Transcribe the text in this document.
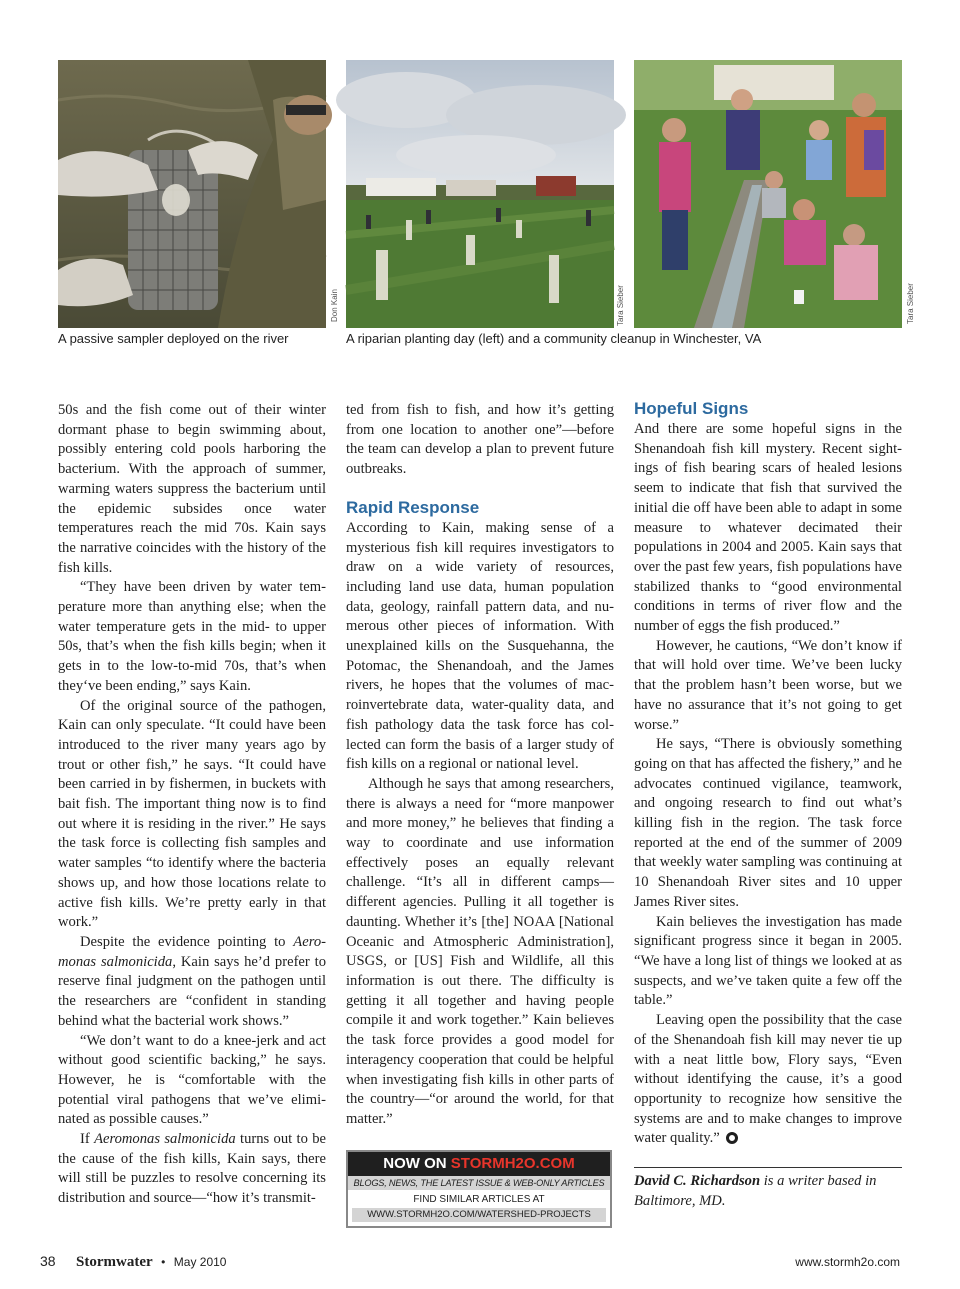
Don Kain	Tara Sieber	Tara Sieber
A passive sampler deployed on the river	A riparian planting day (left) and a community cleanup in Winchester, VA

50s and the fish come out of their winter dormant phase to begin swimming about, possibly entering cold pools harboring the bacterium. With the approach of summer, warming waters suppress the bacterium until the epidemic subsides once water temperatures reach the mid 70s. Kain says the narrative coincides with the history of the fish kills.

“They have been driven by water temperature more than anything else; when the water temperature gets in the mid- to upper 50s, that’s when the fish kills begin; when it gets in to the low-to-mid 70s, that’s when they‘ve been ending,” says Kain.

Of the original source of the pathogen, Kain can only speculate. “It could have been introduced to the river many years ago by trout or other fish,” he says. “It could have been carried in by fishermen, in buckets with bait fish. The important thing now is to find out where it is residing in the river.” He says the task force is collecting fish samples and water samples “to identify where the bacteria shows up, and how those locations relate to active fish kills. We’re pretty early in that work.”

Despite the evidence pointing to Aeromonas salmonicida, Kain says he’d prefer to reserve final judgment on the pathogen until the researchers are “confident in standing behind what the bacterial work shows.”

“We don’t want to do a knee-jerk and act without good scientific backing,” he says. However, he is “comfortable with the potential viral pathogens that we’ve eliminated as possible causes.”

If Aeromonas salmonicida turns out to be the cause of the fish kills, Kain says, there will still be puzzles to resolve concerning its distribution and source—“how it’s transmit-

ted from fish to fish, and how it’s getting from one location to another one”—before the team can develop a plan to prevent future outbreaks.

Rapid Response

According to Kain, making sense of a mysterious fish kill requires investigators to draw on a wide variety of resources, including land use data, human population data, geology, rainfall pattern data, and numerous other pieces of information. With unexplained kills on the Susquehanna, the Potomac, the Shenandoah, and the James rivers, he hopes that the volumes of macroinvertebrate data, water-quality data, and fish pathology data the task force has collected can form the basis of a larger study of fish kills on a regional or national level.

Although he says that among researchers, there is always a need for “more manpower and more money,” he believes that finding a way to coordinate and use information effectively poses an equally relevant challenge. “It’s all in different camps—different agencies. Pulling it all together is daunting. Whether it’s [the] NOAA [National Oceanic and Atmospheric Administration], USGS, or [US] Fish and Wildlife, all this information is out there. The difficulty is getting it all together and having people compile it and work together.” Kain believes the task force provides a good model for interagency cooperation that could be helpful when investigating fish kills in other parts of the country—“or around the world, for that matter.”

NOW ON STORMH2O.COM
BLOGS, NEWS, THE LATEST ISSUE & WEB-ONLY ARTICLES
FIND SIMILAR ARTICLES AT
WWW.STORMH2O.COM/WATERSHED-PROJECTS
Hopeful Signs

And there are some hopeful signs in the Shenandoah fish kill mystery. Recent sightings of fish bearing scars of healed lesions seem to indicate that fish that survived the initial die off have been able to adapt in some measure to whatever decimated their populations in 2004 and 2005. Kain says that over the past few years, fish populations have stabilized thanks to “good environmental conditions in terms of river flow and the number of eggs the fish produced.”

However, he cautions, “We don’t know if that will hold over time. We’ve been lucky that the problem hasn’t been worse, but we have no assurance that it’s not going to get worse.”

He says, “There is obviously something going on that has affected the fishery,” and he advocates continued vigilance, teamwork, and ongoing research to find out what’s killing fish in the region. The task force reported at the end of the summer of 2009 that weekly water sampling was continuing at 10 Shenandoah River sites and 10 upper James River sites.

Kain believes the investigation has made significant progress since it began in 2005. “We have a long list of things we looked at as suspects, and we’ve taken quite a few off the table.”

Leaving open the possibility that the case of the Shenandoah fish kill may never tie up with a neat little bow, Flory says, “Even without identifying the cause, it’s a good opportunity to recognize how sensitive the systems are and to make changes to improve water quality.”

David C. Richardson is a writer based in Baltimore, MD.
38 Stormwater • May 2010	www.stormh2o.com
